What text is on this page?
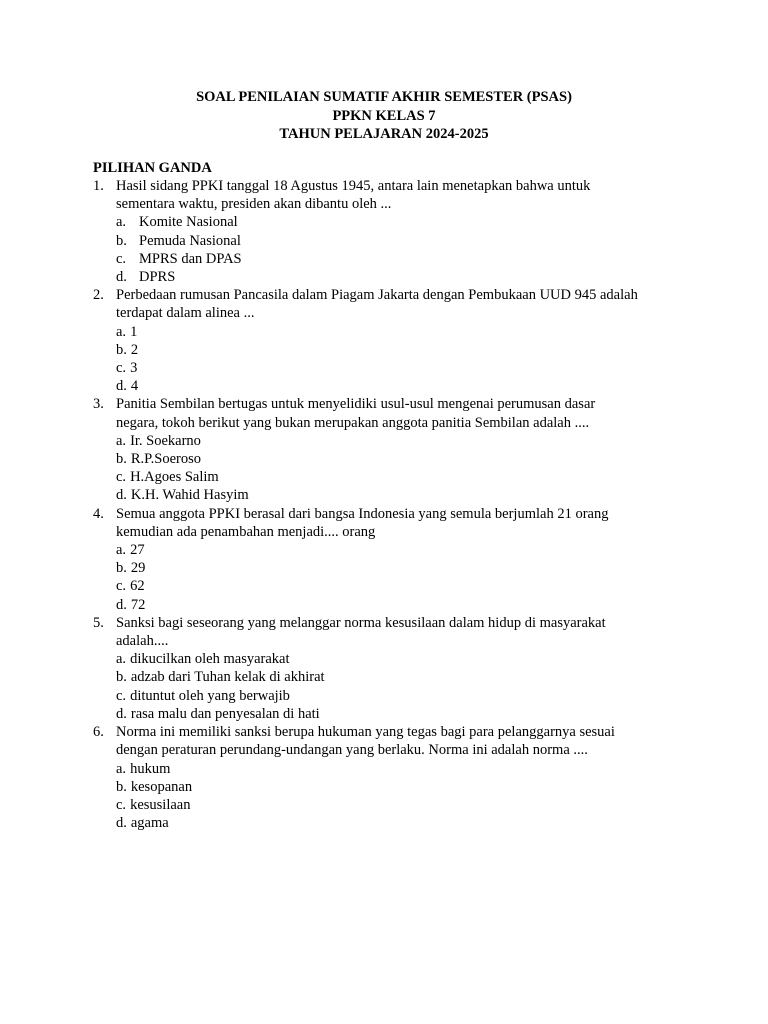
SOAL PENILAIAN SUMATIF AKHIR SEMESTER (PSAS)
PPKN KELAS 7
TAHUN PELAJARAN 2024-2025
PILIHAN GANDA
1. Hasil sidang PPKI tanggal 18 Agustus 1945, antara lain menetapkan bahwa untuk
sementara waktu, presiden akan dibantu oleh ...
a. Komite Nasional
b. Pemuda Nasional
c. MPRS dan DPAS
d. DPRS
2. Perbedaan rumusan Pancasila dalam Piagam Jakarta dengan Pembukaan UUD 945 adalah
terdapat dalam alinea ...
a. 1
b. 2
c. 3
d. 4
3. Panitia Sembilan bertugas untuk menyelidiki usul-usul mengenai perumusan dasar
negara, tokoh berikut yang bukan merupakan anggota panitia Sembilan adalah ....
a. Ir. Soekarno
b. R.P.Soeroso
c. H.Agoes Salim
d. K.H. Wahid Hasyim
4. Semua anggota PPKI berasal dari bangsa Indonesia yang semula berjumlah 21 orang
kemudian ada penambahan menjadi.... orang
a. 27
b. 29
c. 62
d. 72
5. Sanksi bagi seseorang yang melanggar norma kesusilaan dalam hidup di masyarakat
adalah....
a. dikucilkan oleh masyarakat
b. adzab dari Tuhan kelak di akhirat
c. dituntut oleh yang berwajib
d. rasa malu dan penyesalan di hati
6. Norma ini memiliki sanksi berupa hukuman yang tegas bagi para pelanggarnya sesuai
dengan peraturan perundang-undangan yang berlaku. Norma ini adalah norma ....
a. hukum
b. kesopanan
c. kesusilaan
d. agama
